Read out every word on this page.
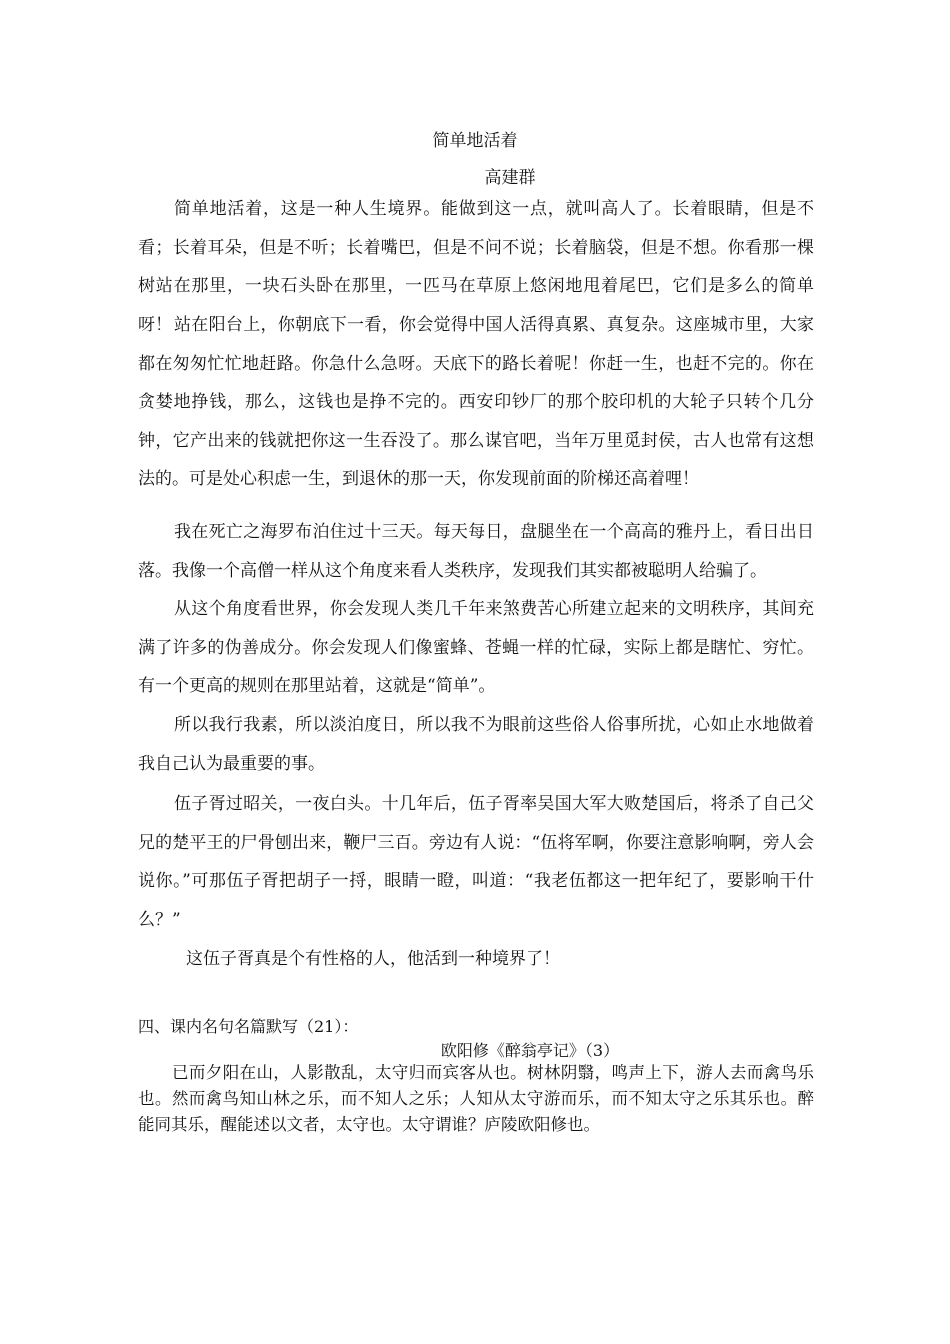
简单地活着
高建群

简单地活着，这是一种人生境界。能做到这一点，就叫高人了。长着眼睛，但是不看；长着耳朵，但是不听；长着嘴巴，但是不问不说；长着脑袋，但是不想。你看那一棵树站在那里，一块石头卧在那里，一匹马在草原上悠闲地甩着尾巴，它们是多么的简单呀！ 站在阳台上，你朝底下一看，你会觉得中国人活得真累、真复杂。这座城市里，大家都在匆匆忙忙地赶路。你急什么急呀。天底下的路长着呢！你赶一生，也赶不完的。你在贪婪地挣钱，那么，这钱也是挣不完的。西安印钞厂的那个胶印机的大轮子只转个几分钟，它产出来的钱就把你这一生吞没了。那么谋官吧，当年万里觅封侯，古人也常有这想法的。可是处心积虑一生，到退休的那一天，你发现前面的阶梯还高着哩！

我在死亡之海罗布泊住过十三天。每天每日，盘腿坐在一个高高的雅丹上，看日出日落。我像一个高僧一样从这个角度来看人类秩序，发现我们其实都被聪明人给骗了。

从这个角度看世界，你会发现人类几千年来煞费苦心所建立起来的文明秩序，其间充满了许多的伪善成分。你会发现人们像蜜蜂、苍蝇一样的忙碌，实际上都是瞎忙、穷忙。有一个更高的规则在那里站着，这就是“简单”。

所以我行我素，所以淡泊度日，所以我不为眼前这些俗人俗事所扰，心如止水地做着我自己认为最重要的事。

伍子胥过昭关，一夜白头。十几年后，伍子胥率吴国大军大败楚国后，将杀了自己父兄的楚平王的尸骨刨出来，鞭尸三百。旁边有人说：“伍将军啊，你要注意影响啊，旁人会说你。”可那伍子胥把胡子一捋，眼睛一瞪，叫道：“我老伍都这一把年纪了，要影响干什么？”

这伍子胥真是个有性格的人，他活到一种境界了！

四、课内名句名篇默写（21）：
欧阳修《醉翁亭记》（3）

已而夕阳在山，人影散乱，太守归而宾客从也。树林阴翳，鸣声上下，游人去而禽鸟乐也。然而禽鸟知山林之乐，而不知人之乐；人知从太守游而乐，而不知太守之乐其乐也。醉能同其乐，醒能述以文者，太守也。太守谓谁？庐陵欧阳修也。
